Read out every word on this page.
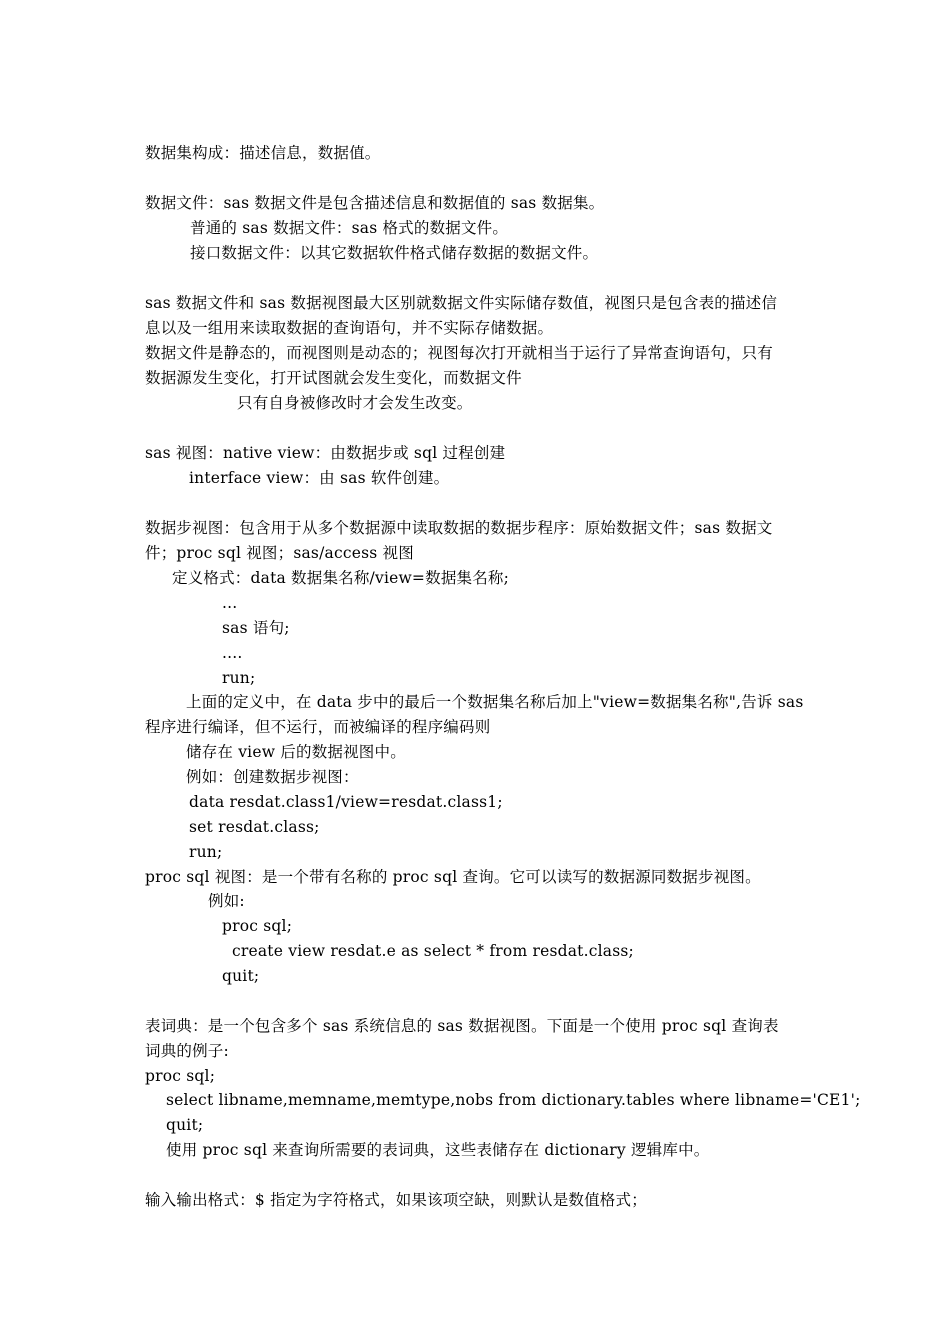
数据集构成：描述信息，数据值。
数据文件：sas 数据文件是包含描述信息和数据值的 sas 数据集。
普通的 sas 数据文件：sas 格式的数据文件。
接口数据文件：以其它数据软件格式储存数据的数据文件。
sas 数据文件和 sas 数据视图最大区别就数据文件实际储存数值，视图只是包含表的描述信
息以及一组用来读取数据的查询语句，并不实际存储数据。
数据文件是静态的，而视图则是动态的；视图每次打开就相当于运行了异常查询语句，只有
数据源发生变化，打开试图就会发生变化，而数据文件
只有自身被修改时才会发生改变。
sas 视图：native view：由数据步或 sql 过程创建
interface view：由 sas 软件创建。
数据步视图：包含用于从多个数据源中读取数据的数据步程序：原始数据文件；sas 数据文
件；proc sql 视图；sas/access 视图
定义格式：data 数据集名称/view=数据集名称;
...
sas 语句;
....
run;
上面的定义中，在 data 步中的最后一个数据集名称后加上"view=数据集名称",告诉 sas
程序进行编译，但不运行，而被编译的程序编码则
储存在 view 后的数据视图中。
例如：创建数据步视图：
data resdat.class1/view=resdat.class1;
set resdat.class;
run;
proc sql 视图：是一个带有名称的 proc sql 查询。它可以读写的数据源同数据步视图。
例如:
proc sql;
create view resdat.e as select * from resdat.class;
quit;
表词典：是一个包含多个 sas 系统信息的 sas 数据视图。下面是一个使用 proc sql 查询表
词典的例子:
proc sql;
select libname,memname,memtype,nobs from dictionary.tables where libname='CE1';
quit;
使用 proc sql 来查询所需要的表词典，这些表储存在 dictionary 逻辑库中。
输入输出格式：$ 指定为字符格式，如果该项空缺，则默认是数值格式；
